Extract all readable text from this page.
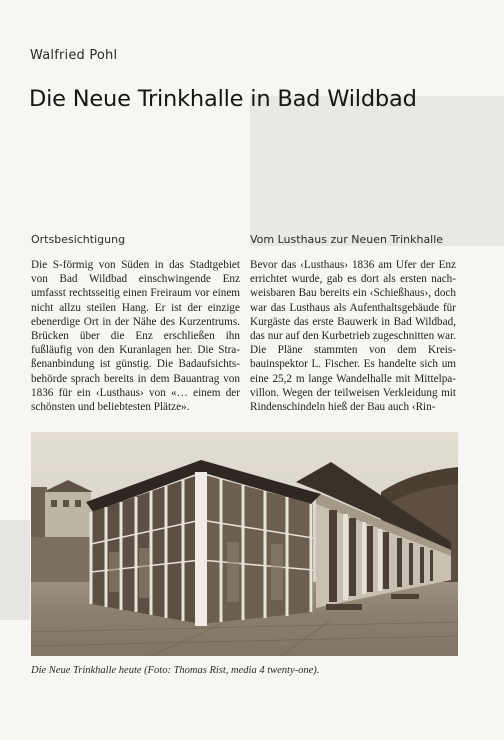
Walfried Pohl
Die Neue Trinkhalle in Bad Wildbad
Ortsbesichtigung

Die S-förmig von Süden in das Stadtgebiet von Bad Wildbad einschwingende Enz umfasst rechtsseitig einen Freiraum vor einem nicht allzu steilen Hang. Er ist der einzige ebenerdige Ort in der Nähe des Kurzentrums. Brücken über die Enz erschließen ihn fußläufig von den Kuranlagen her. Die Straßenanbindung ist günstig. Die Badaufsichtsbehörde sprach bereits in dem Bauantrag von 1836 für ein ‹Lusthaus› von «… einem der schönsten und beliebtesten Plätze».

Vom Lusthaus zur Neuen Trinkhalle

Bevor das ‹Lusthaus› 1836 am Ufer der Enz errichtet wurde, gab es dort als ersten nachweisbaren Bau bereits ein ‹Schießhaus›, doch war das Lusthaus als Aufenthaltsgebäude für Kurgäste das erste Bauwerk in Bad Wildbad, das nur auf den Kurbetrieb zugeschnitten war. Die Pläne stammten von dem Kreisbauinspektor L. Fischer. Es handelte sich um eine 25,2 m lange Wandelhalle mit Mittelpavillon. Wegen der teilweisen Verkleidung mit Rindenschindeln hieß der Bau auch ‹Rin-

Die Neue Trinkhalle heute (Foto: Thomas Rist, media 4 twenty-one).
